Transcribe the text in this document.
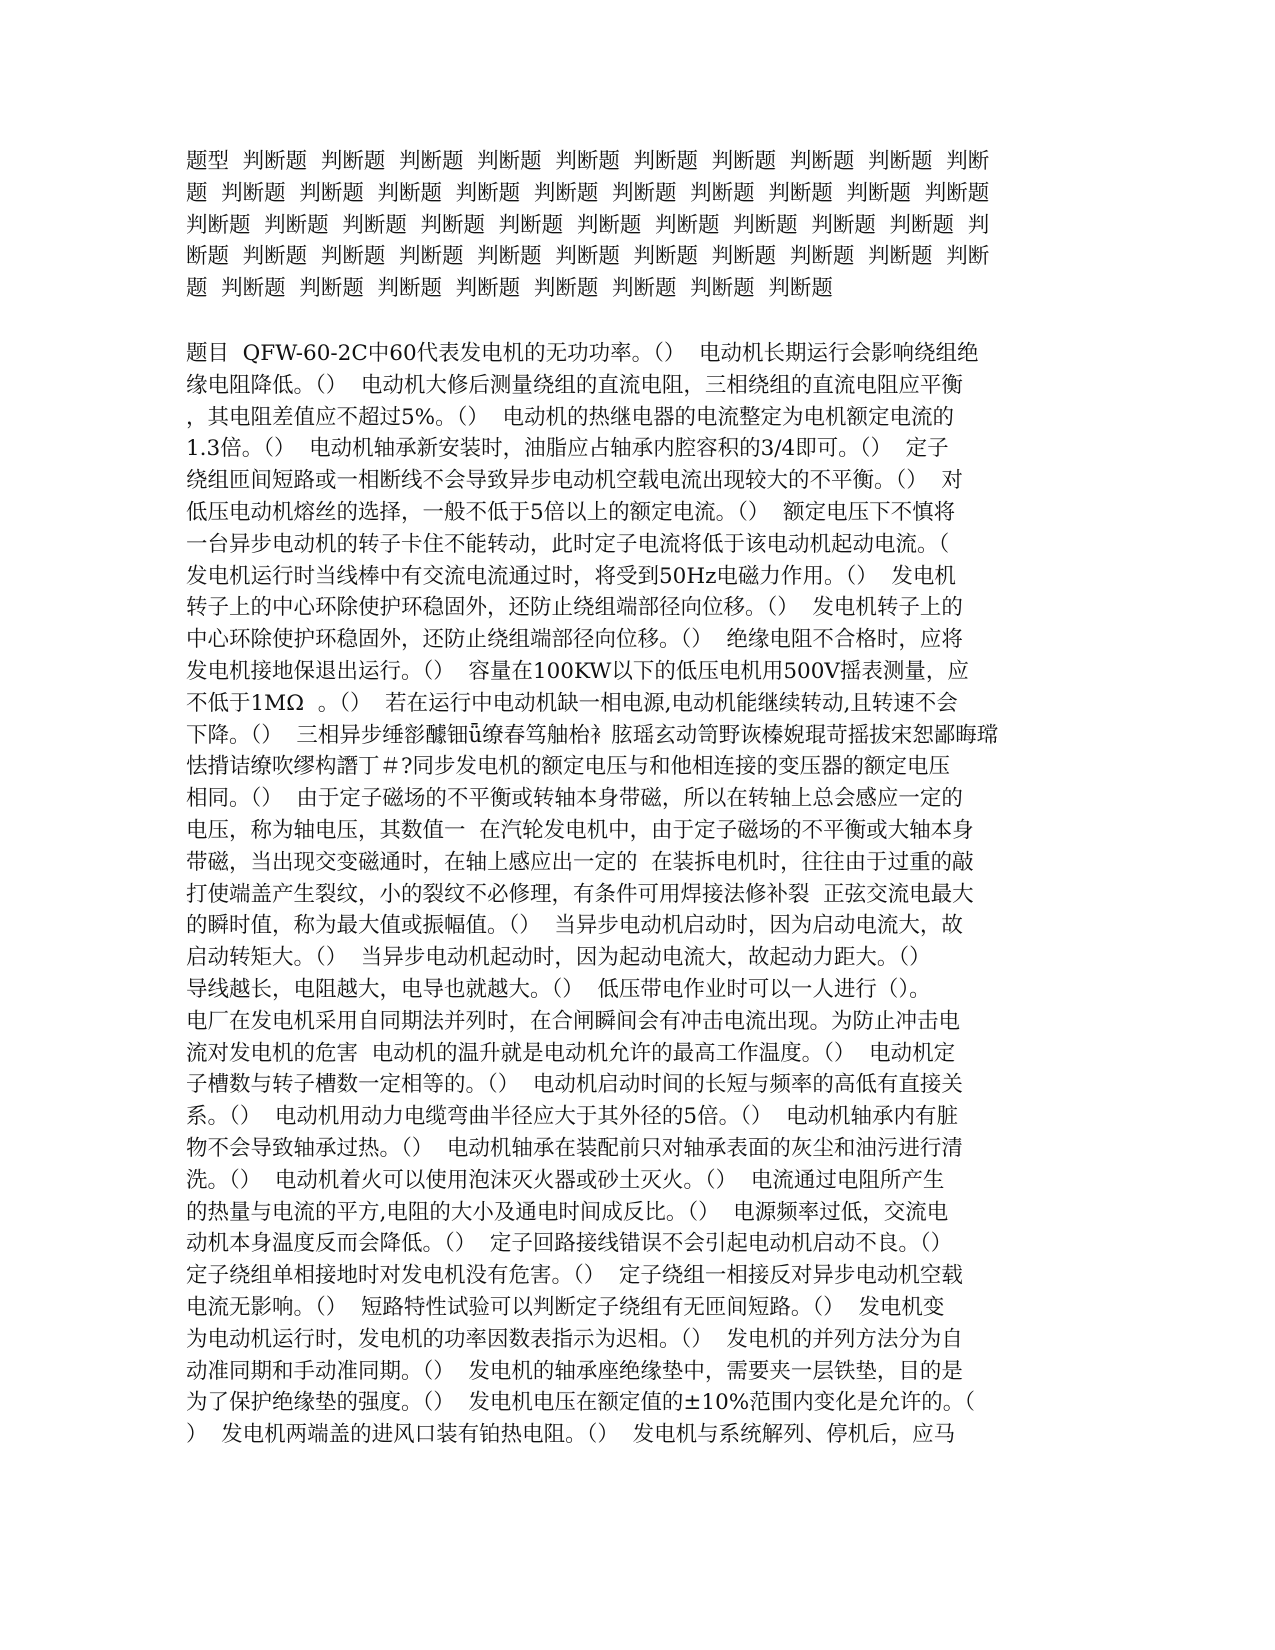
题型  判断题  判断题  判断题  判断题  判断题  判断题  判断题  判断题  判断题  判断
题  判断题  判断题  判断题  判断题  判断题  判断题  判断题  判断题  判断题  判断题
判断题  判断题  判断题  判断题  判断题  判断题  判断题  判断题  判断题  判断题  判
断题  判断题  判断题  判断题  判断题  判断题  判断题  判断题  判断题  判断题  判断
题  判断题  判断题  判断题  判断题  判断题  判断题  判断题  判断题
题目  QFW-60-2C中60代表发电机的无功功率。（）  电动机长期运行会影响绕组绝
缘电阻降低。（）  电动机大修后测量绕组的直流电阻，三相绕组的直流电阻应平衡
，其电阻差值应不超过5%。（）  电动机的热继电器的电流整定为电机额定电流的
1.3倍。（）  电动机轴承新安装时，油脂应占轴承内腔容积的3/4即可。（）  定子
绕组匝间短路或一相断线不会导致异步电动机空载电流出现较大的不平衡。（）  对
低压电动机熔丝的选择，一般不低于5倍以上的额定电流。（）  额定电压下不慎将
一台异步电动机的转子卡住不能转动，此时定子电流将低于该电动机起动电流。（
发电机运行时当线棒中有交流电流通过时，将受到50Hz电磁力作用。（）  发电机
转子上的中心环除使护环稳固外，还防止绕组端部径向位移。（）  发电机转子上的
中心环除使护环稳固外，还防止绕组端部径向位移。（）  绝缘电阻不合格时，应将
发电机接地保退出运行。（）  容量在100KW以下的低压电机用500V摇表测量，应
不低于1MΩ  。（）  若在运行中电动机缺一相电源,电动机能继续转动,且转速不会
下降。（）  三相异步缍彮醵钿ǖ缭春笃舳枱衤胘瑶玄动笥野诙榛婗琨苛摇拔宋恕鄙晦瑺
怯揹诘缭吹缪构譖丁＃?同步发电机的额定电压与和他相连接的变压器的额定电压
相同。（）  由于定子磁场的不平衡或转轴本身带磁，所以在转轴上总会感应一定的
电压，称为轴电压，其数值一  在汽轮发电机中，由于定子磁场的不平衡或大轴本身
带磁，当出现交变磁通时，在轴上感应出一定的  在装拆电机时，往往由于过重的敲
打使端盖产生裂纹，小的裂纹不必修理，有条件可用焊接法修补裂  正弦交流电最大
的瞬时值，称为最大值或振幅值。（）  当异步电动机启动时，因为启动电流大，故
启动转矩大。（）  当异步电动机起动时，因为起动电流大，故起动力距大。（）
导线越长，电阻越大，电导也就越大。（）  低压带电作业时可以一人进行（）。
电厂在发电机采用自同期法并列时，在合闸瞬间会有冲击电流出现。为防止冲击电
流对发电机的危害  电动机的温升就是电动机允许的最高工作温度。（）  电动机定
子槽数与转子槽数一定相等的。（）  电动机启动时间的长短与频率的高低有直接关
系。（）  电动机用动力电缆弯曲半径应大于其外径的5倍。（）  电动机轴承内有脏
物不会导致轴承过热。（）  电动机轴承在装配前只对轴承表面的灰尘和油污进行清
洗。（）  电动机着火可以使用泡沫灭火器或砂土灭火。（）  电流通过电阻所产生
的热量与电流的平方,电阻的大小及通电时间成反比。（）  电源频率过低，交流电
动机本身温度反而会降低。（）  定子回路接线错误不会引起电动机启动不良。（）
定子绕组单相接地时对发电机没有危害。（）  定子绕组一相接反对异步电动机空载
电流无影响。（）  短路特性试验可以判断定子绕组有无匝间短路。（）  发电机变
为电动机运行时，发电机的功率因数表指示为迟相。（）  发电机的并列方法分为自
动准同期和手动准同期。（）  发电机的轴承座绝缘垫中，需要夹一层铁垫，目的是
为了保护绝缘垫的强度。（）  发电机电压在额定值的±10%范围内变化是允许的。（
）  发电机两端盖的进风口装有铂热电阻。（）  发电机与系统解列、停机后，应马
